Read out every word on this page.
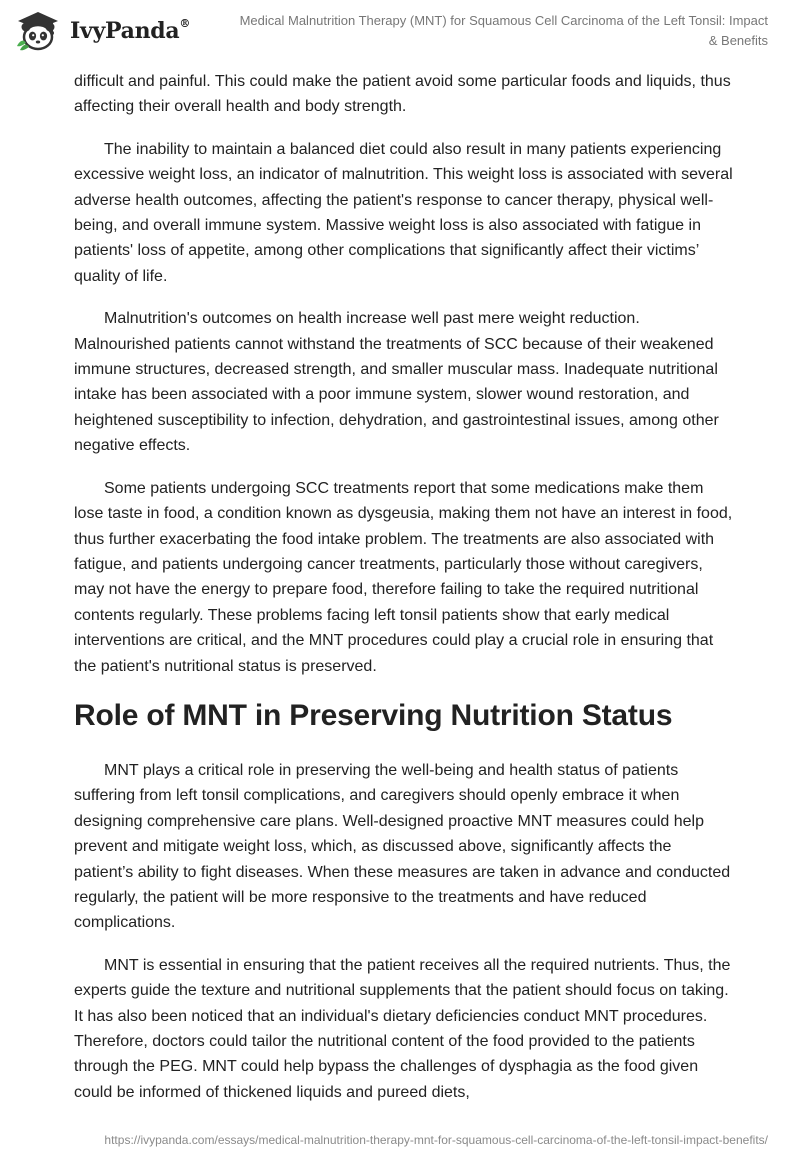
IvyPanda®	Medical Malnutrition Therapy (MNT) for Squamous Cell Carcinoma of the Left Tonsil: Impact & Benefits

difficult and painful. This could make the patient avoid some particular foods and liquids, thus affecting their overall health and body strength.

The inability to maintain a balanced diet could also result in many patients experiencing excessive weight loss, an indicator of malnutrition. This weight loss is associated with several adverse health outcomes, affecting the patient's response to cancer therapy, physical well-being, and overall immune system. Massive weight loss is also associated with fatigue in patients' loss of appetite, among other complications that significantly affect their victims’ quality of life.

Malnutrition's outcomes on health increase well past mere weight reduction. Malnourished patients cannot withstand the treatments of SCC because of their weakened immune structures, decreased strength, and smaller muscular mass. Inadequate nutritional intake has been associated with a poor immune system, slower wound restoration, and heightened susceptibility to infection, dehydration, and gastrointestinal issues, among other negative effects.

Some patients undergoing SCC treatments report that some medications make them lose taste in food, a condition known as dysgeusia, making them not have an interest in food, thus further exacerbating the food intake problem. The treatments are also associated with fatigue, and patients undergoing cancer treatments, particularly those without caregivers, may not have the energy to prepare food, therefore failing to take the required nutritional contents regularly. These problems facing left tonsil patients show that early medical interventions are critical, and the MNT procedures could play a crucial role in ensuring that the patient's nutritional status is preserved.

Role of MNT in Preserving Nutrition Status

MNT plays a critical role in preserving the well-being and health status of patients suffering from left tonsil complications, and caregivers should openly embrace it when designing comprehensive care plans. Well-designed proactive MNT measures could help prevent and mitigate weight loss, which, as discussed above, significantly affects the patient’s ability to fight diseases. When these measures are taken in advance and conducted regularly, the patient will be more responsive to the treatments and have reduced complications.

MNT is essential in ensuring that the patient receives all the required nutrients. Thus, the experts guide the texture and nutritional supplements that the patient should focus on taking. It has also been noticed that an individual's dietary deficiencies conduct MNT procedures. Therefore, doctors could tailor the nutritional content of the food provided to the patients through the PEG. MNT could help bypass the challenges of dysphagia as the food given could be informed of thickened liquids and pureed diets,

https://ivypanda.com/essays/medical-malnutrition-therapy-mnt-for-squamous-cell-carcinoma-of-the-left-tonsil-impact-benefits/
